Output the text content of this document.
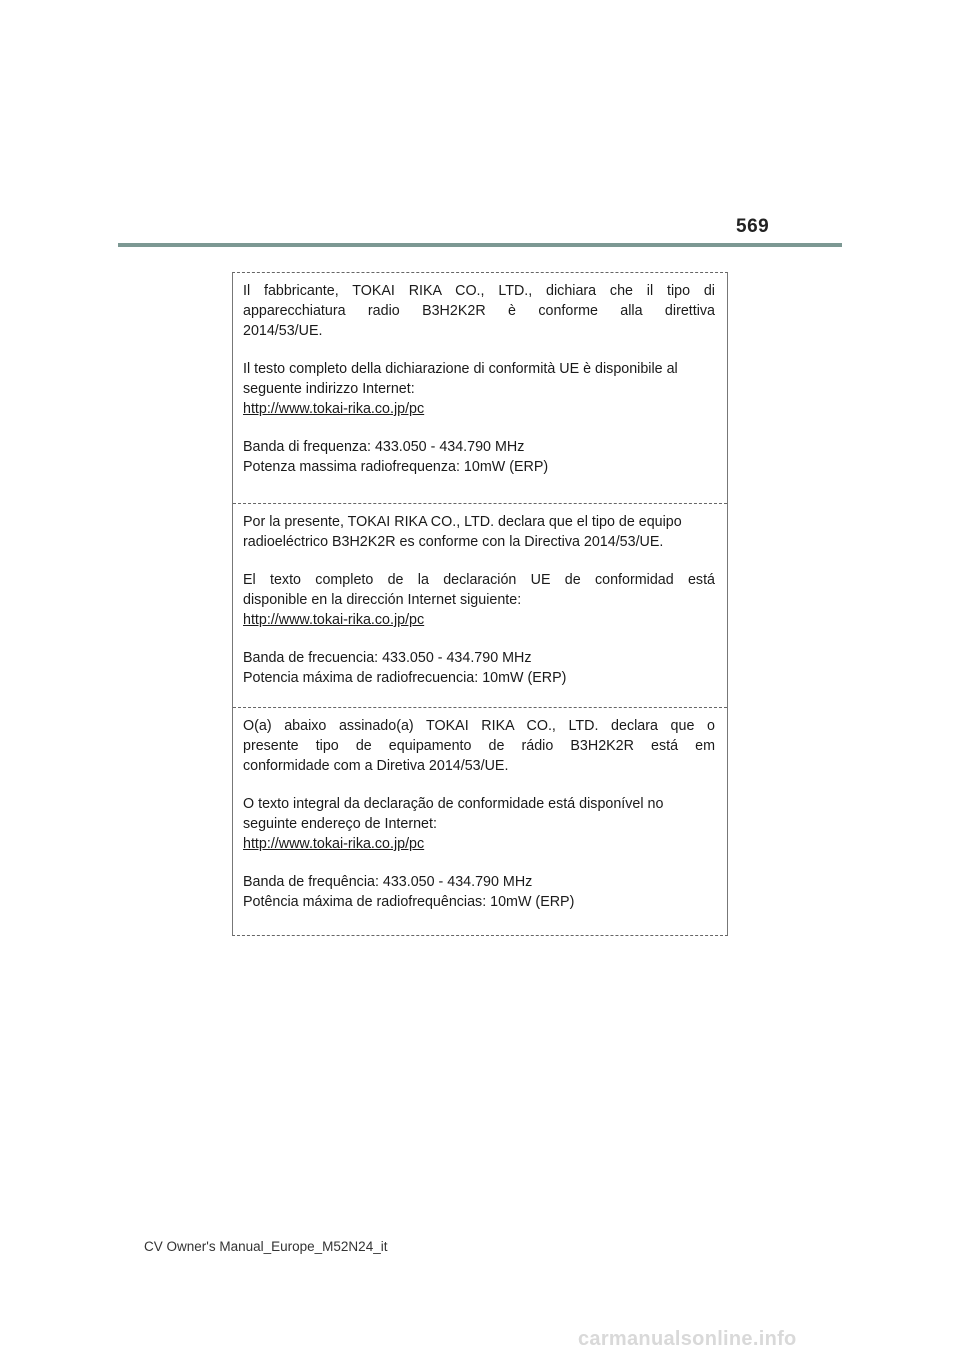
569

Il fabbricante, TOKAI RIKA CO., LTD., dichiara che il tipo di
apparecchiatura radio B3H2K2R è conforme alla direttiva
2014/53/UE.

Il testo completo della dichiarazione di conformità UE è disponibile al
seguente indirizzo Internet:
http://www.tokai-rika.co.jp/pc

Banda di frequenza: 433.050 - 434.790 MHz
Potenza massima radiofrequenza: 10mW (ERP)

Por la presente, TOKAI RIKA CO., LTD. declara que el tipo de equipo
radioeléctrico B3H2K2R es conforme con la Directiva 2014/53/UE.

El texto completo de la declaración UE de conformidad está
disponible en la dirección Internet siguiente:
http://www.tokai-rika.co.jp/pc

Banda de frecuencia: 433.050 - 434.790 MHz
Potencia máxima de radiofrecuencia: 10mW (ERP)

O(a) abaixo assinado(a) TOKAI RIKA CO., LTD. declara que o
presente tipo de equipamento de rádio B3H2K2R está em
conformidade com a Diretiva 2014/53/UE.

O texto integral da declaração de conformidade está disponível no
seguinte endereço de Internet:
http://www.tokai-rika.co.jp/pc

Banda de frequência: 433.050 - 434.790 MHz
Potência máxima de radiofrequências: 10mW (ERP)

CV Owner's Manual_Europe_M52N24_it
carmanualsonline.info
